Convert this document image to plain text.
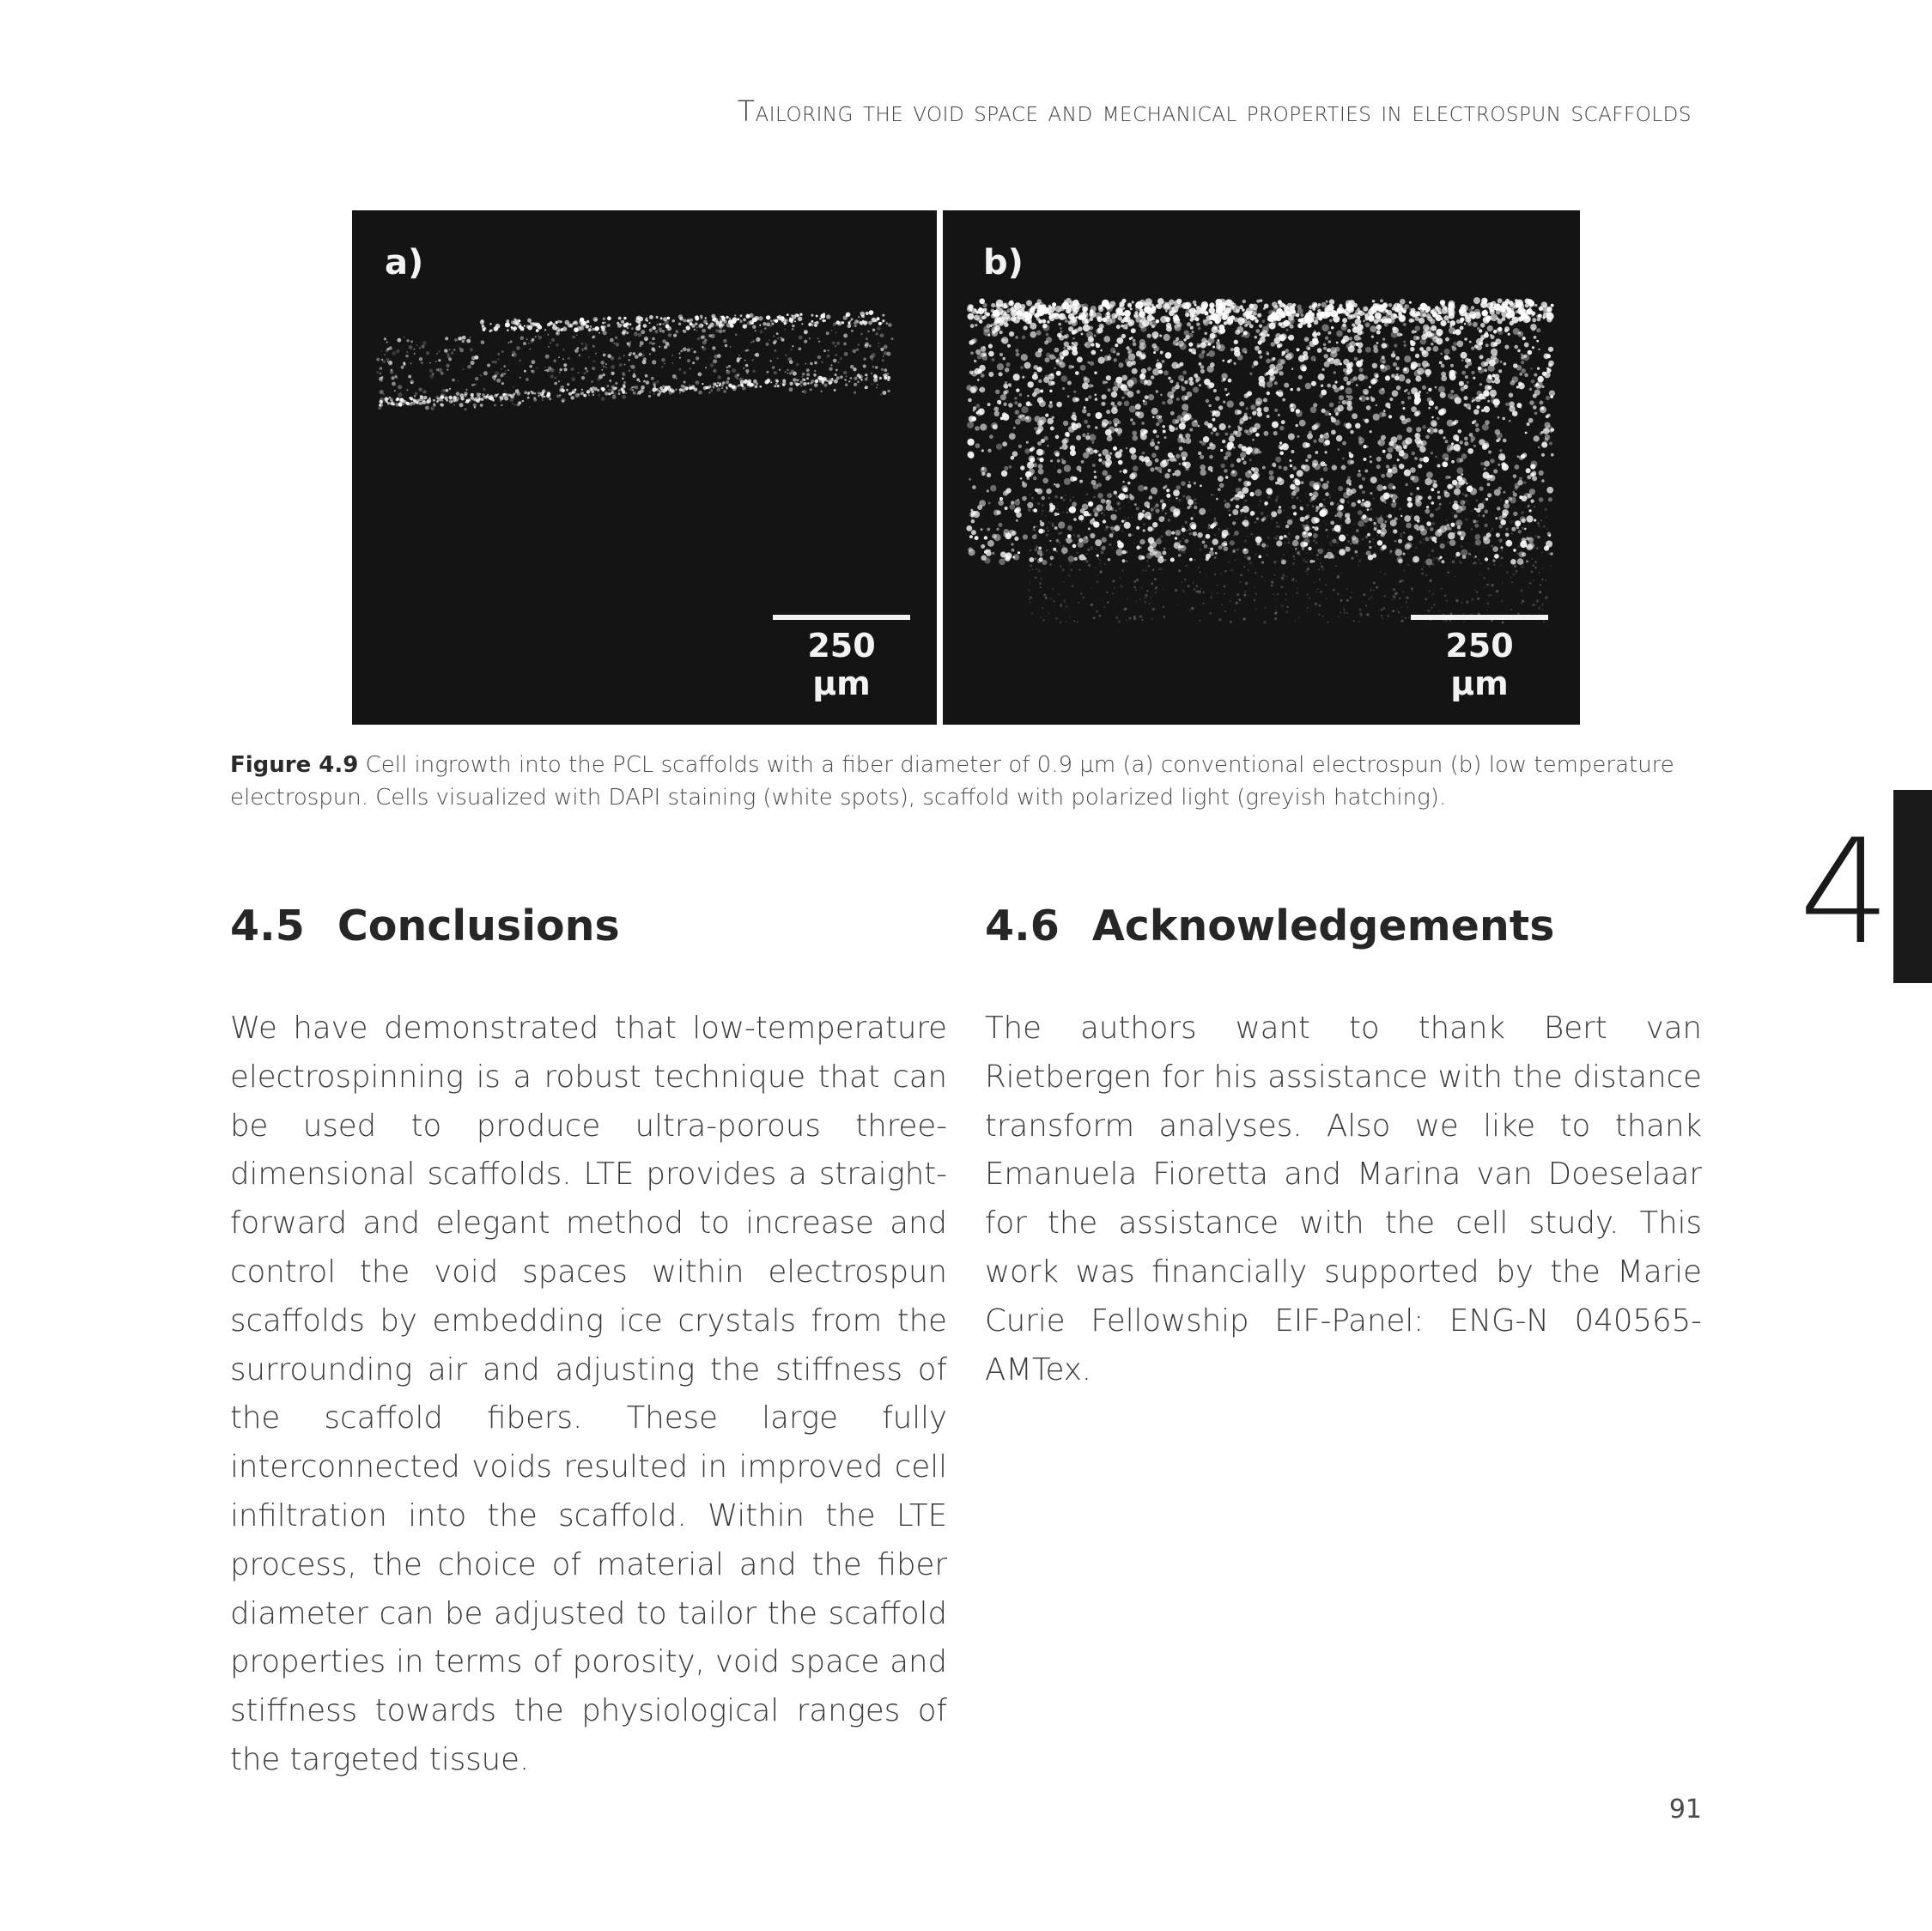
Tailoring the void space and mechanical properties in electrospun scaffolds
a)
250 µm
b)
250 µm
Figure 4.9 Cell ingrowth into the PCL scaffolds with a fiber diameter of 0.9 µm (a) conventional electrospun (b) low temperature electrospun. Cells visualized with DAPI staining (white spots), scaffold with polarized light (greyish hatching).
4.5 Conclusions	4.6 Acknowledgements

We have demonstrated that low-temperature electrospinning is a robust technique that can be used to produce ultra-porous three-dimensional scaffolds. LTE provides a straight-forward and elegant method to increase and control the void spaces within electrospun scaffolds by embedding ice crystals from the surrounding air and adjusting the stiffness of the scaffold fibers. These large fully interconnected voids resulted in improved cell infiltration into the scaffold. Within the LTE process, the choice of material and the fiber diameter can be adjusted to tailor the scaffold properties in terms of porosity, void space and stiffness towards the physiological ranges of the targeted tissue.

The authors want to thank Bert van Rietbergen for his assistance with the distance transform analyses. Also we like to thank Emanuela Fioretta and Marina van Doeselaar for the assistance with the cell study. This work was financially supported by the Marie Curie Fellowship EIF-Panel: ENG-N 040565-AMTex.

4
91
